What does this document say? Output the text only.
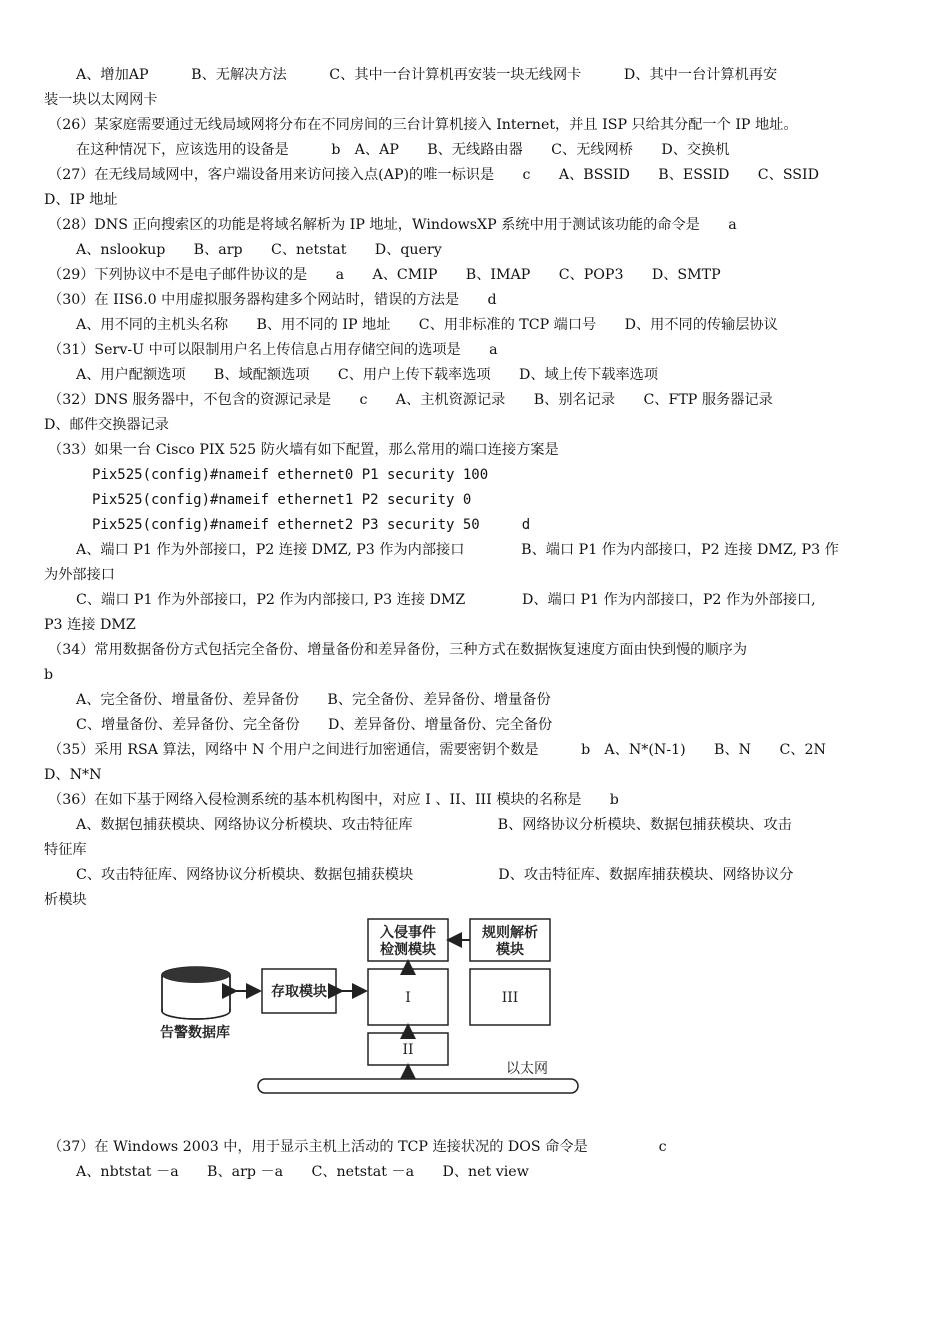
A、增加AP　　　B、无解决方法　　　C、其中一台计算机再安装一块无线网卡　　　D、其中一台计算机再安
装一块以太网网卡
（26）某家庭需要通过无线局域网将分布在不同房间的三台计算机接入 Internet，并且 ISP 只给其分配一个 IP 地址。
在这种情况下，应该选用的设备是　　　b　A、AP　　B、无线路由器　　C、无线网桥　　D、交换机
（27）在无线局域网中，客户端设备用来访问接入点(AP)的唯一标识是　　c　　A、BSSID　　B、ESSID　　C、SSID
D、IP 地址
（28）DNS 正向搜索区的功能是将域名解析为 IP 地址，WindowsXP 系统中用于测试该功能的命令是　　a
A、nslookup　　B、arp　　C、netstat　　D、query
（29）下列协议中不是电子邮件协议的是　　a　　A、CMIP　　B、IMAP　　C、POP3　　D、SMTP
（30）在 IIS6.0 中用虚拟服务器构建多个网站时，错误的方法是　　d
A、用不同的主机头名称　　B、用不同的 IP 地址　　C、用非标准的 TCP 端口号　　D、用不同的传输层协议
（31）Serv-U 中可以限制用户名上传信息占用存储空间的选项是　　a
A、用户配额选项　　B、域配额选项　　C、用户上传下载率选项　　D、域上传下载率选项
（32）DNS 服务器中，不包含的资源记录是　　c　　A、主机资源记录　　B、别名记录　　C、FTP 服务器记录
D、邮件交换器记录
（33）如果一台 Cisco PIX 525 防火墙有如下配置，那么常用的端口连接方案是
Pix525(config)#nameif ethernet0 P1 security 100
Pix525(config)#nameif ethernet1 P2 security 0
Pix525(config)#nameif ethernet2 P3 security 50　　　d
A、端口 P1 作为外部接口，P2 连接 DMZ, P3 作为内部接口　　　　B、端口 P1 作为内部接口，P2 连接 DMZ, P3 作
为外部接口
C、端口 P1 作为外部接口，P2 作为内部接口, P3 连接 DMZ　　　　D、端口 P1 作为内部接口，P2 作为外部接口,
P3 连接 DMZ
（34）常用数据备份方式包括完全备份、增量备份和差异备份，三种方式在数据恢复速度方面由快到慢的顺序为
b
A、完全备份、增量备份、差异备份　　B、完全备份、差异备份、增量备份
C、增量备份、差异备份、完全备份　　D、差异备份、增量备份、完全备份
（35）采用 RSA 算法，网络中 N 个用户之间进行加密通信，需要密钥个数是　　　b　A、N*(N-1)　　B、N　　C、2N
D、N*N
（36）在如下基于网络入侵检测系统的基本机构图中，对应 I 、II、III 模块的名称是　　b
A、数据包捕获模块、网络协议分析模块、攻击特征库　　　　　　B、网络协议分析模块、数据包捕获模块、攻击
特征库
C、攻击特征库、网络协议分析模块、数据包捕获模块　　　　　　D、攻击特征库、数据库捕获模块、网络协议分
析模块
入侵事件
检测模块
规则解析
模块
I	III
存取模块
告警数据库
II
以太网
（37）在 Windows 2003 中，用于显示主机上活动的 TCP 连接状况的 DOS 命令是　　　　　c
A、nbtstat －a　　B、arp －a　　C、netstat －a　　D、net view
